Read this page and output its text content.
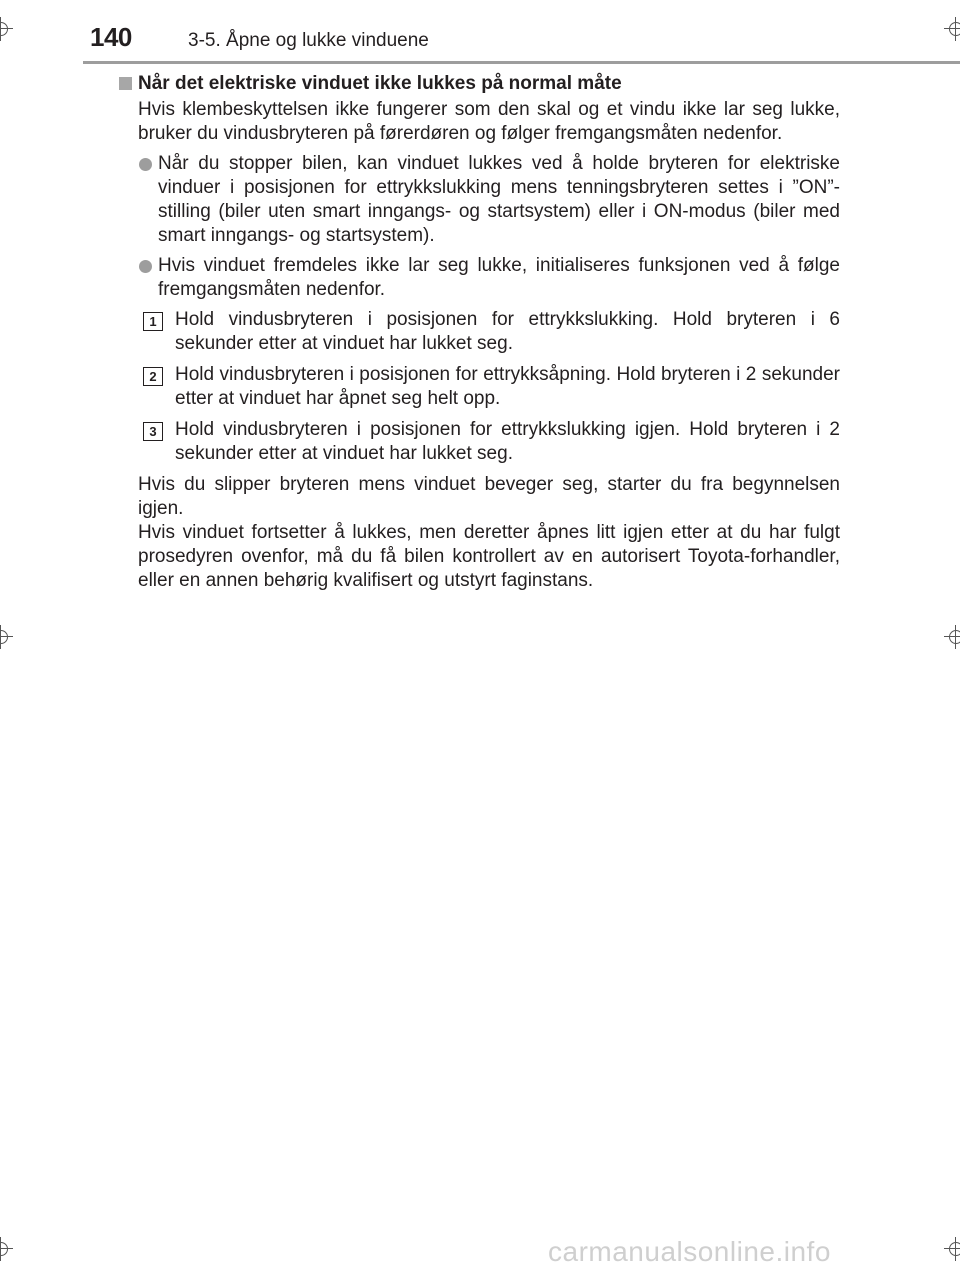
140	3-5. Åpne og lukke vinduene
Når det elektriske vinduet ikke lukkes på normal måte

Hvis klembeskyttelsen ikke fungerer som den skal og et vindu ikke lar seg lukke, bruker du vindusbryteren på førerdøren og følger fremgangsmåten nedenfor.

Når du stopper bilen, kan vinduet lukkes ved å holde bryteren for elektriske vinduer i posisjonen for ettrykkslukking mens tenningsbryteren settes i ”ON”-stilling (biler uten smart inngangs- og startsystem) eller i ON-modus (biler med smart inngangs- og startsystem).
Hvis vinduet fremdeles ikke lar seg lukke, initialiseres funksjonen ved å følge fremgangsmåten nedenfor.
1 Hold vindusbryteren i posisjonen for ettrykkslukking. Hold bryteren i 6 sekunder etter at vinduet har lukket seg.
2 Hold vindusbryteren i posisjonen for ettrykksåpning. Hold bryteren i 2 sekunder etter at vinduet har åpnet seg helt opp.
3 Hold vindusbryteren i posisjonen for ettrykkslukking igjen. Hold bryteren i 2 sekunder etter at vinduet har lukket seg.

Hvis du slipper bryteren mens vinduet beveger seg, starter du fra begynnelsen igjen.

Hvis vinduet fortsetter å lukkes, men deretter åpnes litt igjen etter at du har fulgt prosedyren ovenfor, må du få bilen kontrollert av en autorisert Toyota-forhandler, eller en annen behørig kvalifisert og utstyrt faginstans.

carmanualsonline.info
